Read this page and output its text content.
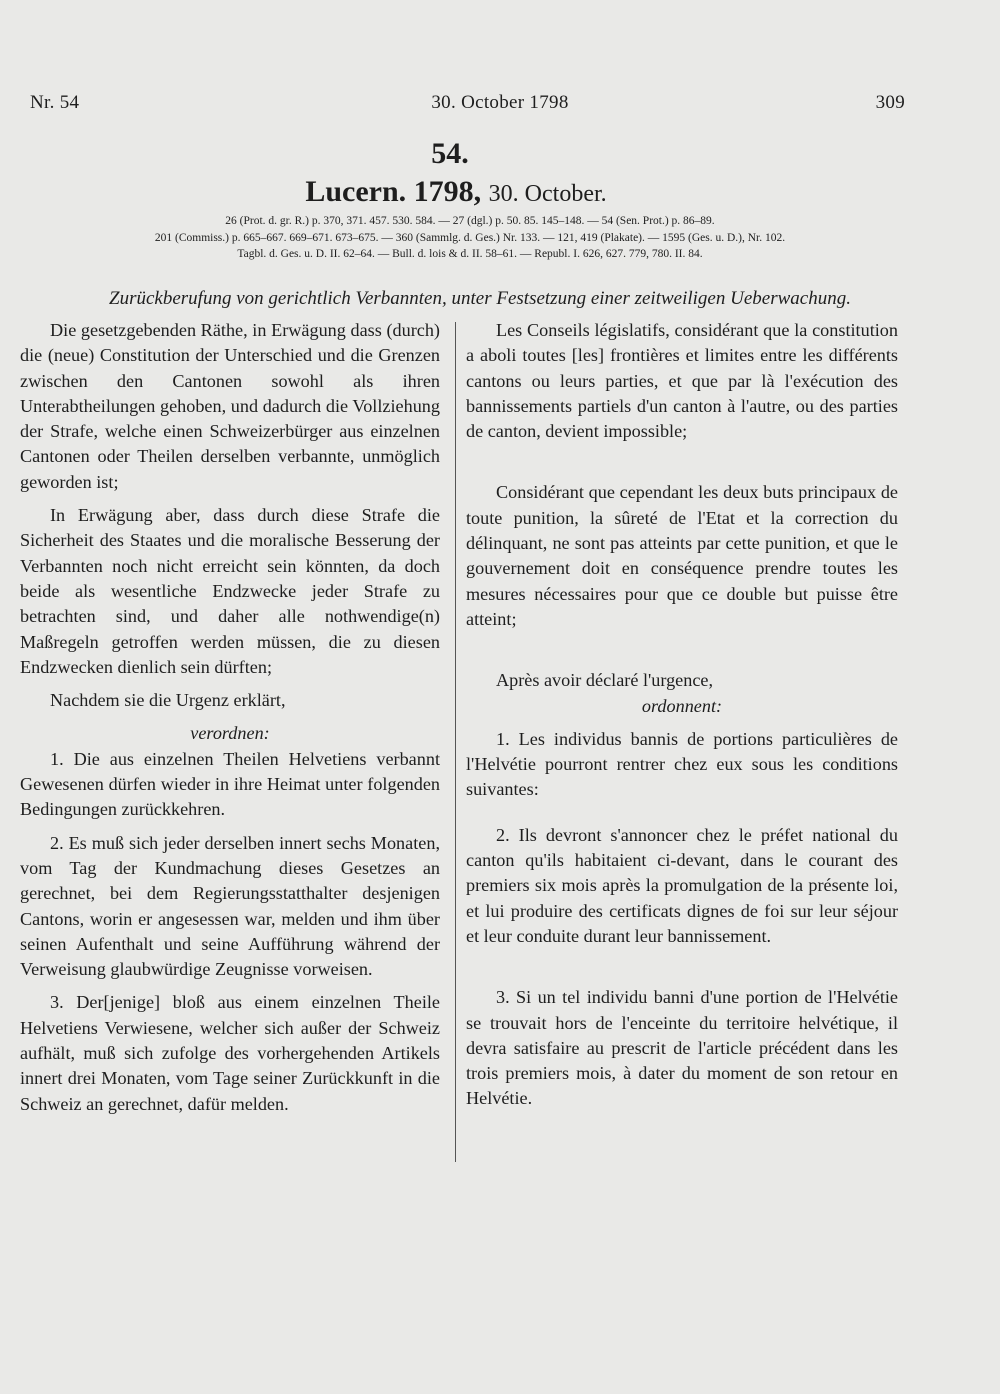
Nr. 54	30. October 1798	309
54.
Lucern. 1798, 30. October.
26 (Prot. d. gr. R.) p. 370, 371. 457. 530. 584. — 27 (dgl.) p. 50. 85. 145–148. — 54 (Sen. Prot.) p. 86–89.
201 (Commiss.) p. 665–667. 669–671. 673–675. — 360 (Sammlg. d. Ges.) Nr. 133. — 121, 419 (Plakate). — 1595 (Ges. u. D.), Nr. 102.
Tagbl. d. Ges. u. D. II. 62–64. — Bull. d. lois & d. II. 58–61. — Republ. I. 626, 627. 779, 780. II. 84.
Zurückberufung von gerichtlich Verbannten, unter Festsetzung einer zeitweiligen Ueberwachung.

Die gesetzgebenden Räthe, in Erwägung dass (durch) die (neue) Constitution der Unterschied und die Grenzen zwischen den Cantonen sowohl als ihren Unterabtheilungen gehoben, und dadurch die Vollziehung der Strafe, welche einen Schweizerbürger aus einzelnen Cantonen oder Theilen derselben verbannte, unmöglich geworden ist;

In Erwägung aber, dass durch diese Strafe die Sicherheit des Staates und die moralische Besserung der Verbannten noch nicht erreicht sein könnten, da doch beide als wesentliche Endzwecke jeder Strafe zu betrachten sind, und daher alle nothwendige(n) Maßregeln getroffen werden müssen, die zu diesen Endzwecken dienlich sein dürften;

Nachdem sie die Urgenz erklärt,

verordnen:

1. Die aus einzelnen Theilen Helvetiens verbannt Gewesenen dürfen wieder in ihre Heimat unter folgenden Bedingungen zurückkehren.

2. Es muß sich jeder derselben innert sechs Monaten, vom Tag der Kundmachung dieses Gesetzes an gerechnet, bei dem Regierungsstatthalter desjenigen Cantons, worin er angesessen war, melden und ihm über seinen Aufenthalt und seine Aufführung während der Verweisung glaubwürdige Zeugnisse vorweisen.

3. Der[jenige] bloß aus einem einzelnen Theile Helvetiens Verwiesene, welcher sich außer der Schweiz aufhält, muß sich zufolge des vorhergehenden Artikels innert drei Monaten, vom Tage seiner Zurückkunft in die Schweiz an gerechnet, dafür melden.

Les Conseils législatifs, considérant que la constitution a aboli toutes [les] frontières et limites entre les différents cantons ou leurs parties, et que par là l'exécution des bannissements partiels d'un canton à l'autre, ou des parties de canton, devient impossible;

Considérant que cependant les deux buts principaux de toute punition, la sûreté de l'Etat et la correction du délinquant, ne sont pas atteints par cette punition, et que le gouvernement doit en conséquence prendre toutes les mesures nécessaires pour que ce double but puisse être atteint;

Après avoir déclaré l'urgence,

ordonnent:

1. Les individus bannis de portions particulières de l'Helvétie pourront rentrer chez eux sous les conditions suivantes:

2. Ils devront s'annoncer chez le préfet national du canton qu'ils habitaient ci-devant, dans le courant des premiers six mois après la promulgation de la présente loi, et lui produire des certificats dignes de foi sur leur séjour et leur conduite durant leur bannissement.

3. Si un tel individu banni d'une portion de l'Helvétie se trouvait hors de l'enceinte du territoire helvétique, il devra satisfaire au prescrit de l'article précédent dans les trois premiers mois, à dater du moment de son retour en Helvétie.
